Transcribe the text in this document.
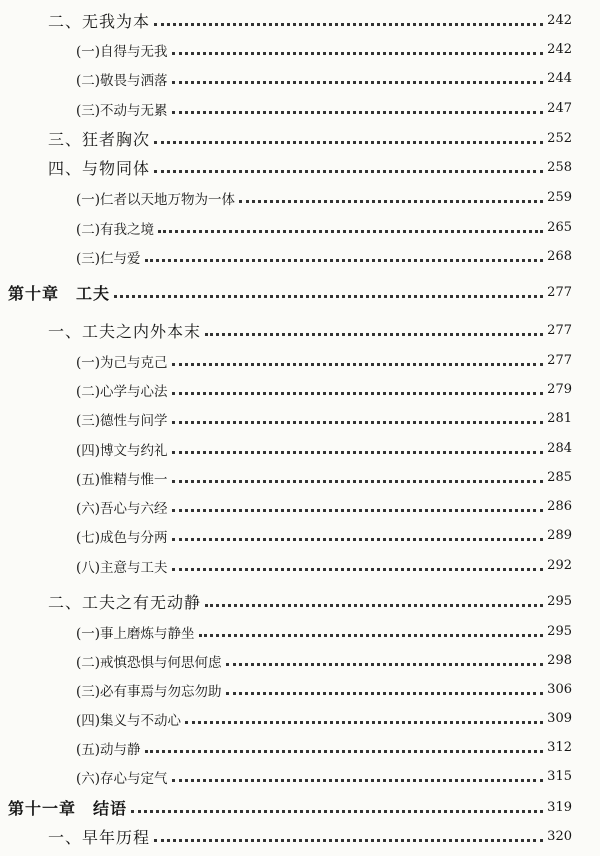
二、无我为本	242
(一)自得与无我	242
(二)敬畏与洒落	244
(三)不动与无累	247
三、狂者胸次	252
四、与物同体	258
(一)仁者以天地万物为一体	259
(二)有我之境	265
(三)仁与爱	268
第十章　工夫	277
一、工夫之内外本末	277
(一)为己与克己	277
(二)心学与心法	279
(三)德性与问学	281
(四)博文与约礼	284
(五)惟精与惟一	285
(六)吾心与六经	286
(七)成色与分两	289
(八)主意与工夫	292
二、工夫之有无动静	295
(一)事上磨炼与静坐	295
(二)戒慎恐惧与何思何虑	298
(三)必有事焉与勿忘勿助	306
(四)集义与不动心	309
(五)动与静	312
(六)存心与定气	315
第十一章　结语	319
一、早年历程	320
